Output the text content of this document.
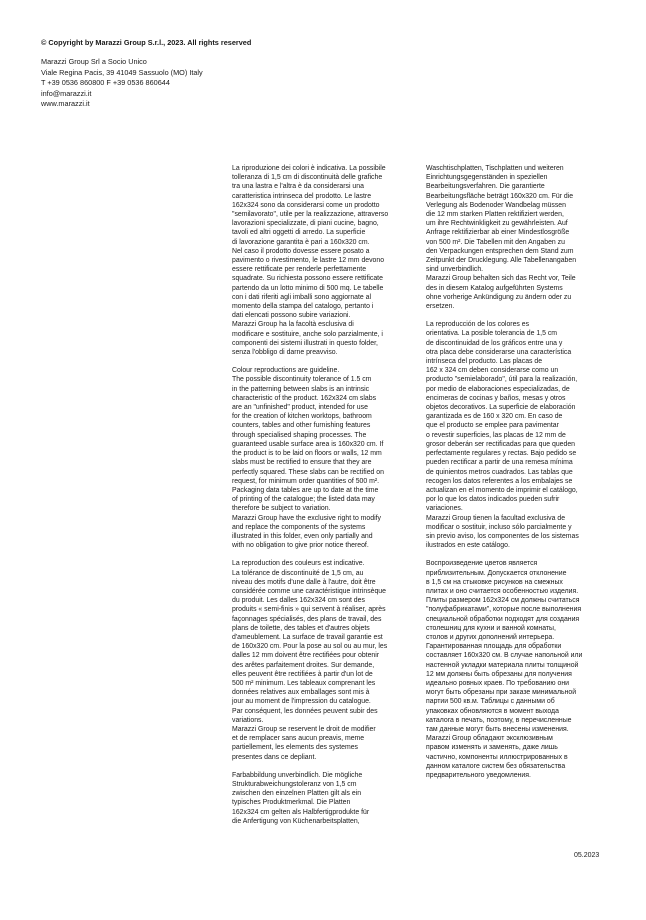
© Copyright by Marazzi Group S.r.l., 2023. All rights reserved
Marazzi Group Srl a Socio Unico
Viale Regina Pacis, 39 41049 Sassuolo (MO) Italy
T +39 0536 860800 F +39 0536 860644
info@marazzi.it
www.marazzi.it

La riproduzione dei colori è indicativa. La possibile
tolleranza di 1,5 cm di discontinuità delle grafiche
tra una lastra e l'altra è da considerarsi una
caratteristica intrinseca del prodotto. Le lastre
162x324 sono da considerarsi come un prodotto
"semilavorato", utile per la realizzazione, attraverso
lavorazioni specializzate, di piani cucine, bagno,
tavoli ed altri oggetti di arredo. La superficie
di lavorazione garantita è pari a 160x320 cm.
Nel caso il prodotto dovesse essere posato a
pavimento o rivestimento, le lastre 12 mm devono
essere rettificate per renderle perfettamente
squadrate. Su richiesta possono essere rettificate
partendo da un lotto minimo di 500 mq. Le tabelle
con i dati riferiti agli imballi sono aggiornate al
momento della stampa del catalogo, pertanto i
dati elencati possono subire variazioni.
Marazzi Group ha la facoltà esclusiva di
modificare e sostituire, anche solo parzialmente, i
componenti dei sistemi illustrati in questo folder,
senza l'obbligo di darne preavviso.

Colour reproductions are guideline.
The possible discontinuity tolerance of 1.5 cm
in the patterning between slabs is an intrinsic
characteristic of the product. 162x324 cm slabs
are an "unfinished" product, intended for use
for the creation of kitchen worktops, bathroom
counters, tables and other furnishing features
through specialised shaping processes. The
guaranteed usable surface area is 160x320 cm. If
the product is to be laid on floors or walls, 12 mm
slabs must be rectified to ensure that they are
perfectly squared. These slabs can be rectified on
request, for minimum order quantities of 500 m².
Packaging data tables are up to date at the time
of printing of the catalogue; the listed data may
therefore be subject to variation.
Marazzi Group have the exclusive right to modify
and replace the components of the systems
illustrated in this folder, even only partially and
with no obligation to give prior notice thereof.

La reproduction des couleurs est indicative.
La tolérance de discontinuité de 1,5 cm, au
niveau des motifs d'une dalle à l'autre, doit être
considérée comme une caractéristique intrinsèque
du produit. Les dalles 162x324 cm sont des
produits « semi-finis » qui servent à réaliser, après
façonnages spécialisés, des plans de travail, des
plans de toilette, des tables et d'autres objets
d'ameublement. La surface de travail garantie est
de 160x320 cm. Pour la pose au sol ou au mur, les
dalles 12 mm doivent être rectifiées pour obtenir
des arêtes parfaitement droites. Sur demande,
elles peuvent être rectifiées à partir d'un lot de
500 m² minimum. Les tableaux comprenant les
données relatives aux emballages sont mis à
jour au moment de l'impression du catalogue.
Par conséquent, les données peuvent subir des
variations.
Marazzi Group se reservent le droit de modifier
et de remplacer sans aucun preavis, meme
partiellement, les elements des systemes
presentes dans ce depliant.

Farbabbildung unverbindlich. Die mögliche
Strukturabweichungstoleranz von 1,5 cm
zwischen den einzelnen Platten gilt als ein
typisches Produktmerkmal. Die Platten
162x324 cm gelten als Halbfertigprodukte für
die Anfertigung von Küchenarbeitsplatten,

Waschtischplatten, Tischplatten und weiteren
Einrichtungsgegenständen in speziellen
Bearbeitungsverfahren. Die garantierte
Bearbeitungsfläche beträgt 160x320 cm. Für die
Verlegung als Bodenoder Wandbelag müssen
die 12 mm starken Platten rektifiziert werden,
um ihre Rechtwinkligkeit zu gewährleisten. Auf
Anfrage rektifizierbar ab einer Mindestlosgröße
von 500 m². Die Tabellen mit den Angaben zu
den Verpackungen entsprechen dem Stand zum
Zeitpunkt der Drucklegung. Alle Tabellenangaben
sind unverbindlich.
Marazzi Group behalten sich das Recht vor, Teile
des in diesem Katalog aufgeführten Systems
ohne vorherige Ankündigung zu ändern oder zu
ersetzen.

La reproducción de los colores es
orientativa. La posible tolerancia de 1,5 cm
de discontinuidad de los gráficos entre una y
otra placa debe considerarse una característica
intrínseca del producto. Las placas de
162 x 324 cm deben considerarse como un
producto "semielaborado", útil para la realización,
por medio de elaboraciones especializadas, de
encimeras de cocinas y baños, mesas y otros
objetos decorativos. La superficie de elaboración
garantizada es de 160 x 320 cm. En caso de
que el producto se emplee para pavimentar
o revestir superficies, las placas de 12 mm de
grosor deberán ser rectificadas para que queden
perfectamente regulares y rectas. Bajo pedido se
pueden rectificar a partir de una remesa mínima
de quinientos metros cuadrados. Las tablas que
recogen los datos referentes a los embalajes se
actualizan en el momento de imprimir el catálogo,
por lo que los datos indicados pueden sufrir
variaciones.
Marazzi Group tienen la facultad exclusiva de
modificar o sostituir, incluso sólo parcialmente y
sin previo aviso, los componentes de los sistemas
ilustrados en este catálogo.

Воспроизведение цветов является
приблизительным. Допускается отклонение
в 1,5 см на стыковке рисунков на смежных
плитах и оно считается особенностью изделия.
Плиты размером 162x324 см должны считаться
"полуфабрикатами", которые после выполнения
специальной обработки подходят для создания
столешниц для кухни и ванной комнаты,
столов и других дополнений интерьера.
Гарантированная площадь для обработки
составляет 160x320 см. В случае напольной или
настенной укладки материала плиты толщиной
12 мм должны быть обрезаны для получения
идеально ровных краев. По требованию они
могут быть обрезаны при заказе минимальной
партии 500 кв.м. Таблицы с данными об
упаковках обновляются в момент выхода
каталога в печать, поэтому, в перечисленные
там данные могут быть внесены изменения.
Marazzi Group обладают эксклюзивным
правом изменять и заменять, даже лишь
частично, компоненты иллюстрированных в
данном каталоге систем без обязательства
предварительного уведомления.

05.2023
